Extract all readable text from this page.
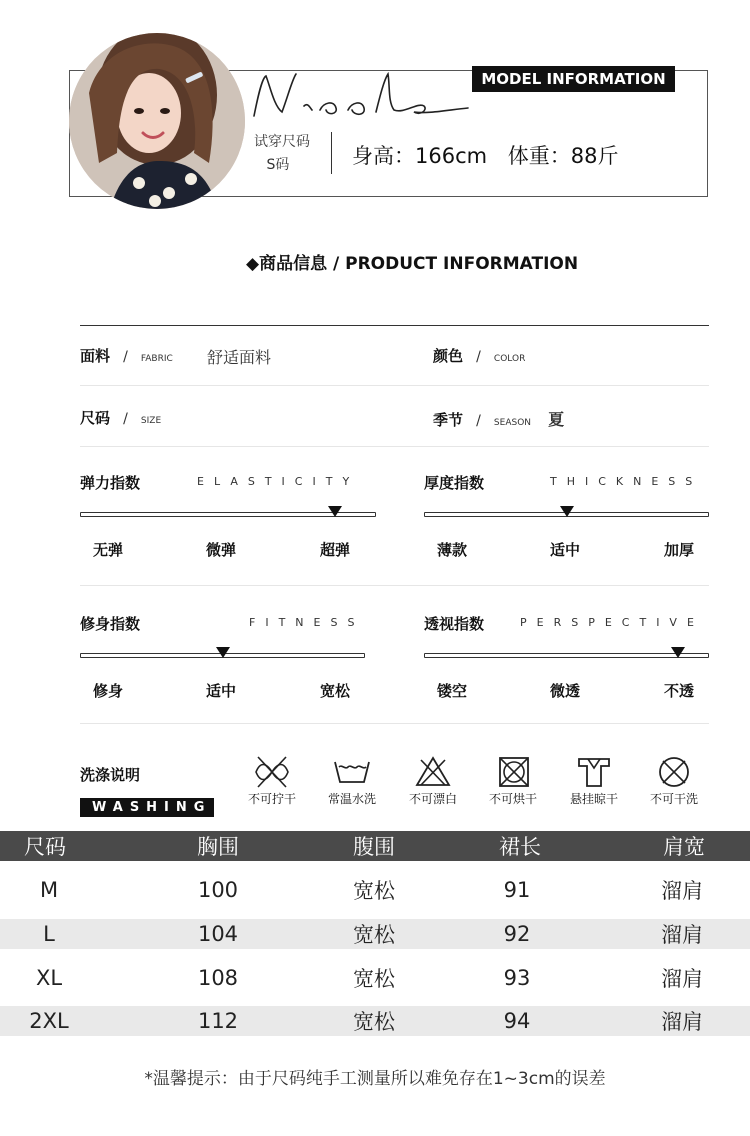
MODEL INFORMATION
试穿尺码
S码	身高：166cm 体重：88斤
◆商品信息 / PRODUCT INFORMATION
面料 / FABRIC 舒适面料	颜色 / COLOR
尺码 / SIZE	季节 / SEASON 夏
弹力指数	ELASTICITY
无弹	微弹	超弹
厚度指数	THICKNESS
薄款	适中	加厚
修身指数	FITNESS
修身	适中	宽松
透视指数	PERSPECTIVE
镂空	微透	不透
洗涤说明
WASHING
不可拧干	常温水洗	不可漂白	不可烘干	悬挂晾干	不可干洗
尺码	胸围	腹围	裙长	肩宽
M	100	宽松	91	溜肩
L	104	宽松	92	溜肩
XL	108	宽松	93	溜肩
2XL	112	宽松	94	溜肩
*温馨提示：由于尺码纯手工测量所以难免存在1~3cm的误差
